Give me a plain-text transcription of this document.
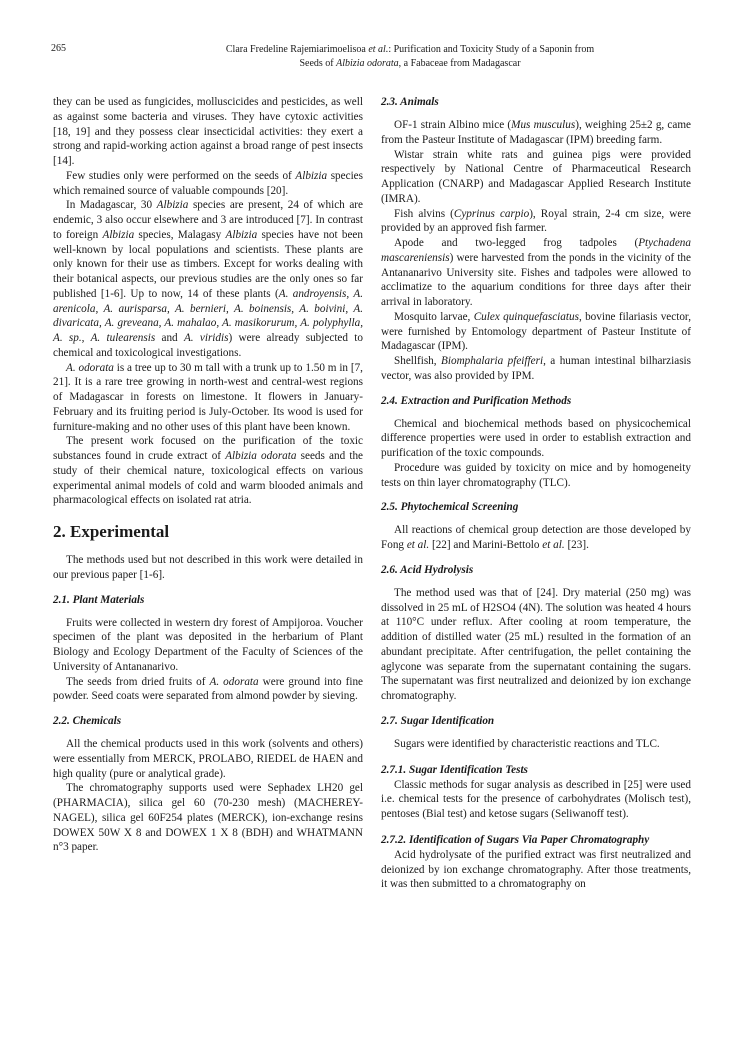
265	Clara Fredeline Rajemiarimoelisoa et al.: Purification and Toxicity Study of a Saponin from
Seeds of Albizia odorata, a Fabaceae from Madagascar

they can be used as fungicides, molluscicides and pesticides, as well as against some bacteria and viruses. They have cytoxic activities [18, 19] and they possess clear insecticidal activities: they exert a strong and rapid-working action against a broad range of pest insects [14].

Few studies only were performed on the seeds of Albizia species which remained source of valuable compounds [20].

In Madagascar, 30 Albizia species are present, 24 of which are endemic, 3 also occur elsewhere and 3 are introduced [7]. In contrast to foreign Albizia species, Malagasy Albizia species have not been well-known by local populations and scientists. These plants are only known for their use as timbers. Except for works dealing with their botanical aspects, our previous studies are the only ones so far published [1-6]. Up to now, 14 of these plants (A. androyensis, A. arenicola, A. aurisparsa, A. bernieri, A. boinensis, A. boivini, A. divaricata, A. greveana, A. mahalao, A. masikorurum, A. polyphylla, A. sp., A. tulearensis and A. viridis) were already subjected to chemical and toxicological investigations.

A. odorata is a tree up to 30 m tall with a trunk up to 1.50 m in [7, 21]. It is a rare tree growing in north-west and central-west regions of Madagascar in forests on limestone. It flowers in January-February and its fruiting period is July-October. Its wood is used for furniture-making and no other uses of this plant have been known.

The present work focused on the purification of the toxic substances found in crude extract of Albizia odorata seeds and the study of their chemical nature, toxicological effects on various experimental animal models of cold and warm blooded animals and pharmacological effects on isolated rat atria.

2. Experimental

The methods used but not described in this work were detailed in our previous paper [1-6].

2.1. Plant Materials

Fruits were collected in western dry forest of Ampijoroa. Voucher specimen of the plant was deposited in the herbarium of Plant Biology and Ecology Department of the Faculty of Sciences of the University of Antananarivo.

The seeds from dried fruits of A. odorata were ground into fine powder. Seed coats were separated from almond powder by sieving.

2.2. Chemicals

All the chemical products used in this work (solvents and others) were essentially from MERCK, PROLABO, RIEDEL de HAEN and high quality (pure or analytical grade).

The chromatography supports used were Sephadex LH20 gel (PHARMACIA), silica gel 60 (70-230 mesh) (MACHEREY-NAGEL), silica gel 60F254 plates (MERCK), ion-exchange resins DOWEX 50W X 8 and DOWEX 1 X 8 (BDH) and WHATMANN n°3 paper.

2.3. Animals

OF-1 strain Albino mice (Mus musculus), weighing 25±2 g, came from the Pasteur Institute of Madagascar (IPM) breeding farm.

Wistar strain white rats and guinea pigs were provided respectively by National Centre of Pharmaceutical Research Application (CNARP) and Madagascar Applied Research Institute (IMRA).

Fish alvins (Cyprinus carpio), Royal strain, 2-4 cm size, were provided by an approved fish farmer.

Apode and two-legged frog tadpoles (Ptychadena mascareniensis) were harvested from the ponds in the vicinity of the Antananarivo University site. Fishes and tadpoles were allowed to acclimatize to the aquarium conditions for three days after their arrival in laboratory.

Mosquito larvae, Culex quinquefasciatus, bovine filariasis vector, were furnished by Entomology department of Pasteur Institute of Madagascar (IPM).

Shellfish, Biomphalaria pfeifferi, a human intestinal bilharziasis vector, was also provided by IPM.

2.4. Extraction and Purification Methods

Chemical and biochemical methods based on physicochemical difference properties were used in order to establish extraction and purification of the toxic compounds.

Procedure was guided by toxicity on mice and by homogeneity tests on thin layer chromatography (TLC).

2.5. Phytochemical Screening

All reactions of chemical group detection are those developed by Fong et al. [22] and Marini-Bettolo et al. [23].

2.6. Acid Hydrolysis

The method used was that of [24]. Dry material (250 mg) was dissolved in 25 mL of H2SO4 (4N). The solution was heated 4 hours at 110°C under reflux. After cooling at room temperature, the addition of distilled water (25 mL) resulted in the formation of an abundant precipitate. After centrifugation, the pellet containing the aglycone was separate from the supernatant containing the sugars. The supernatant was first neutralized and deionized by ion exchange chromatography.

2.7. Sugar Identification

Sugars were identified by characteristic reactions and TLC.

2.7.1. Sugar Identification Tests

Classic methods for sugar analysis as described in [25] were used i.e. chemical tests for the presence of carbohydrates (Molisch test), pentoses (Bial test) and ketose sugars (Seliwanoff test).

2.7.2. Identification of Sugars Via Paper Chromatography

Acid hydrolysate of the purified extract was first neutralized and deionized by ion exchange chromatography. After those treatments, it was then submitted to a chromatography on
